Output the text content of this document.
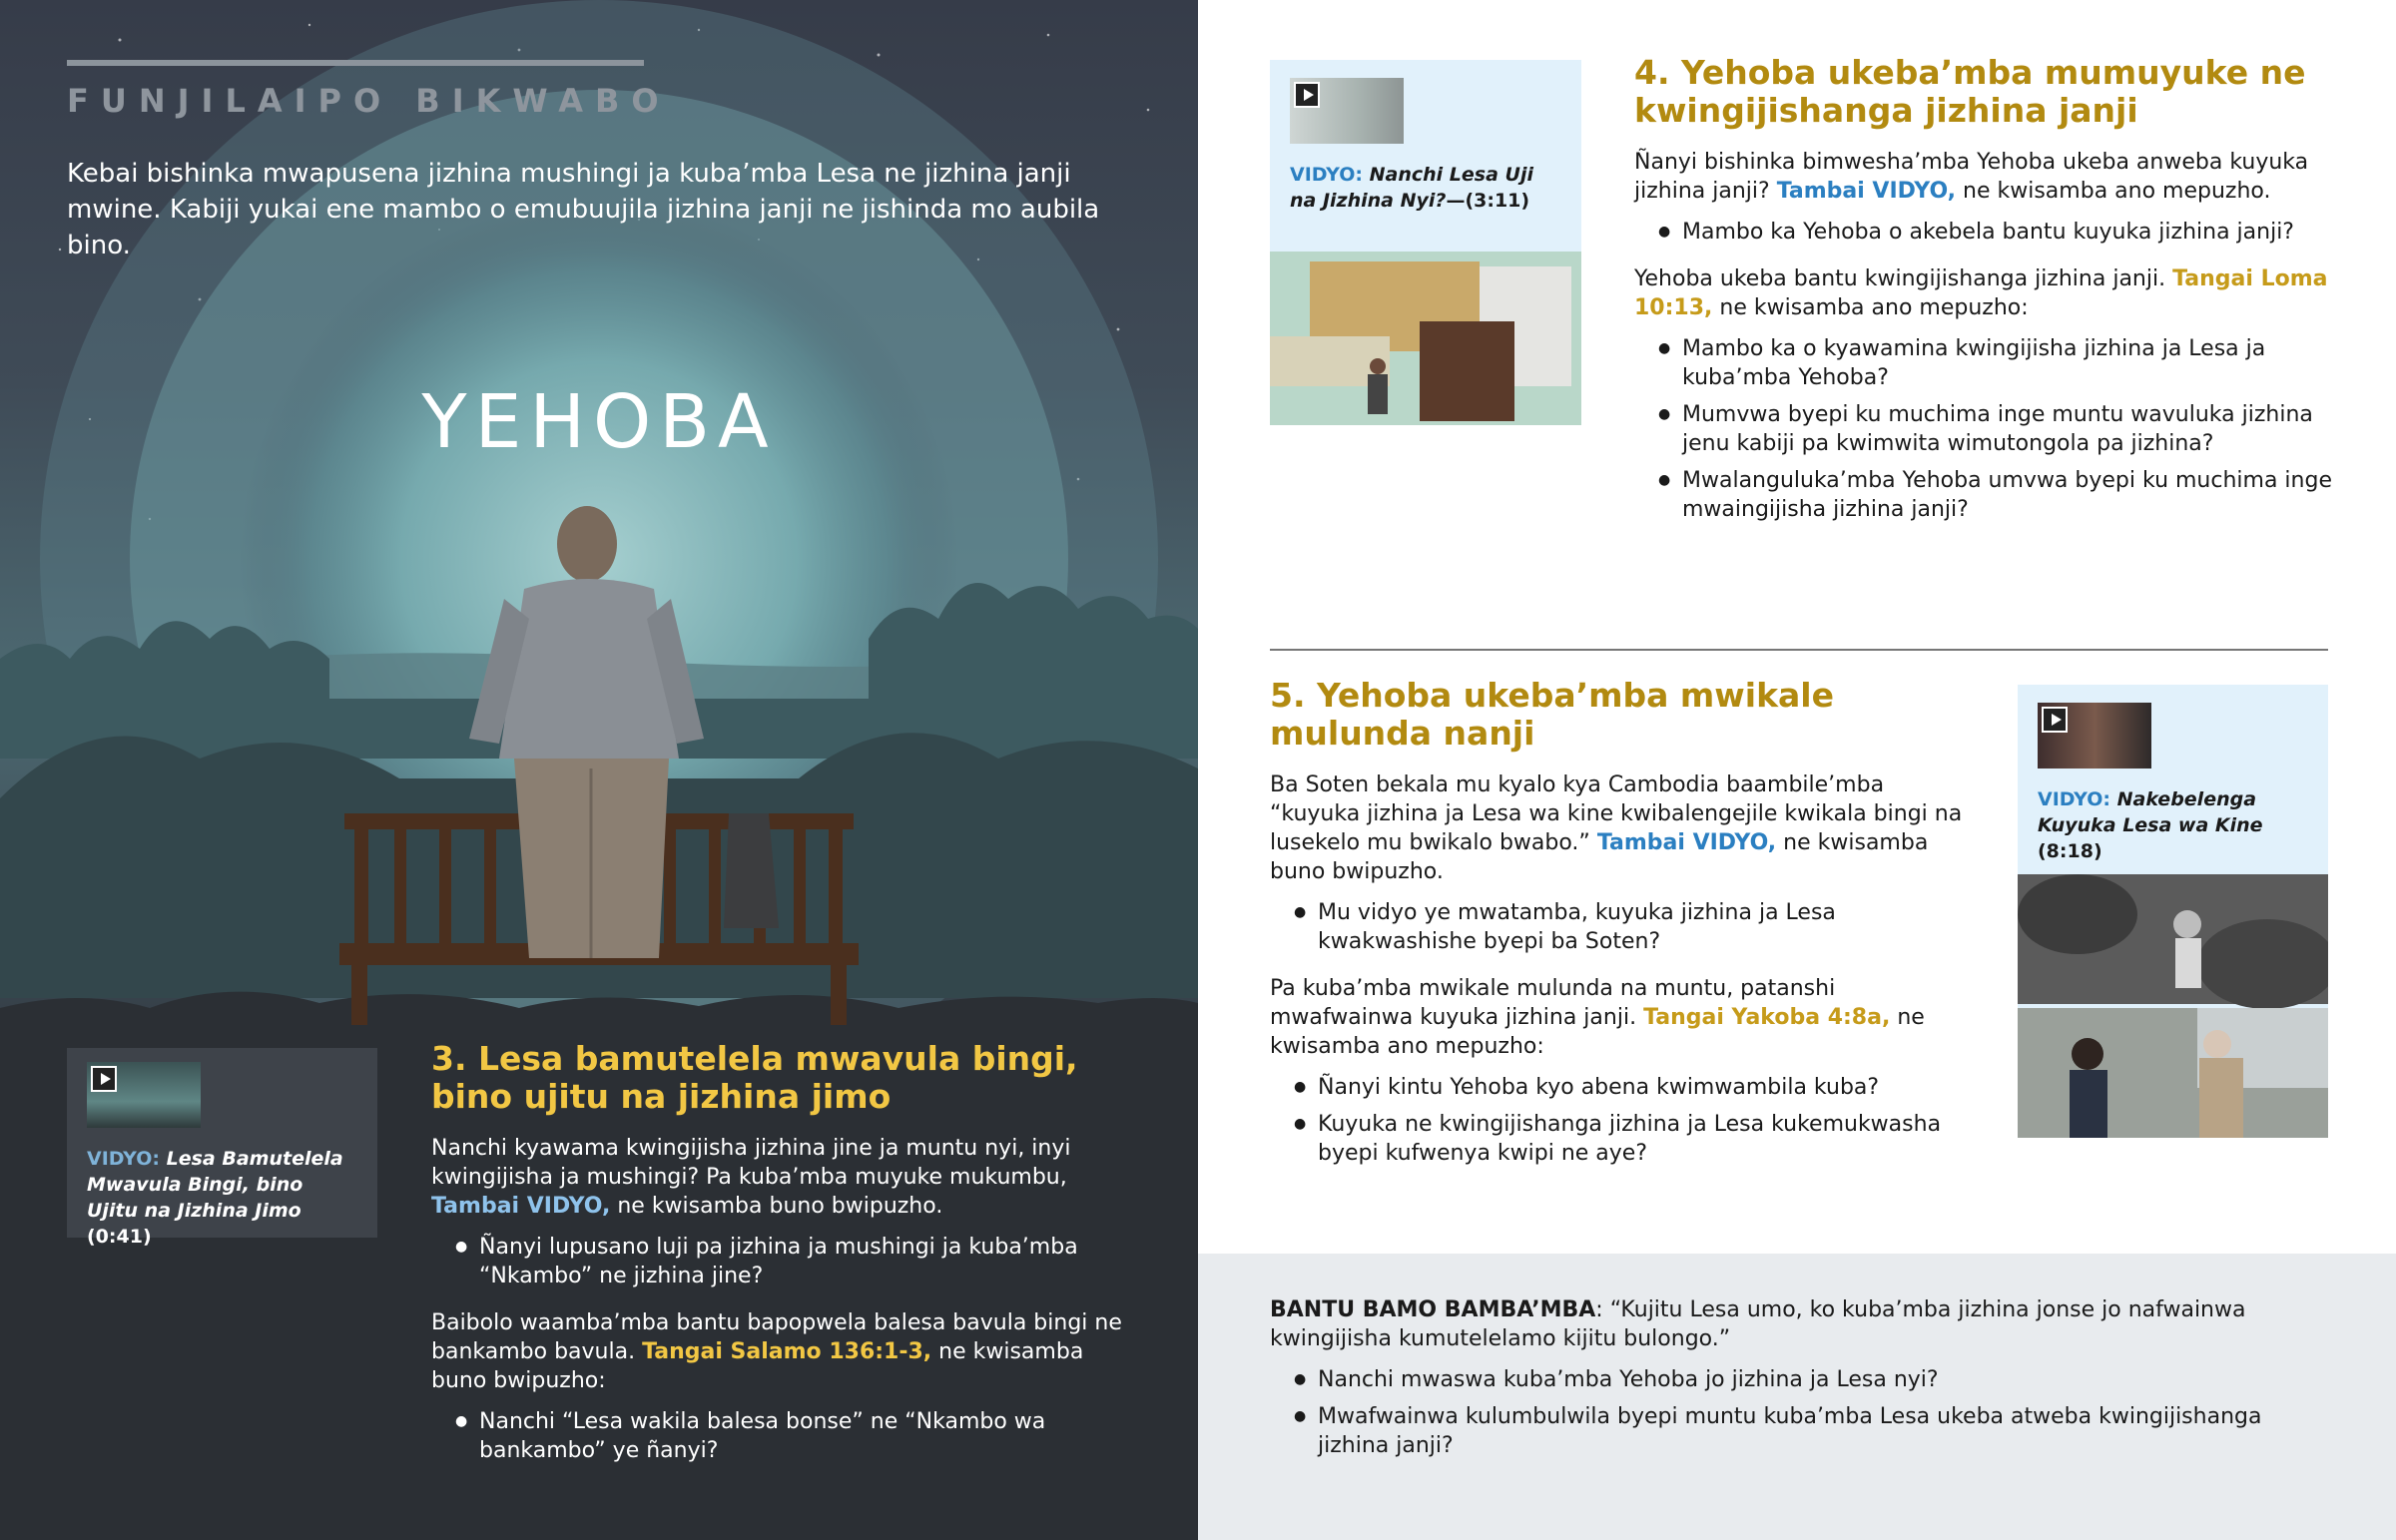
FUNJILAIPO BIKWABO
Kebai bishinka mwapusena jizhina mushingi ja kuba’mba Lesa ne jizhina janji mwine. Kabiji yukai ene mambo o emubuujila jizhina janji ne jishinda mo aubila bino.
YEHOBA
VIDYO: Lesa Bamutelela Mwavula Bingi, bino Ujitu na Jizhina Jimo (0:41)
3. Lesa bamutelela mwavula bingi, bino ujitu na jizhina jimo
Nanchi kyawama kwingijisha jizhina jine ja muntu nyi, inyi kwingijisha ja mushingi? Pa kuba’mba muyuke mukumbu, Tambai VIDYO, ne kwisamba buno bwipuzho.
● Ñanyi lupusano luji pa jizhina ja mushingi ja kuba’mba “Nkambo” ne jizhina jine?
Baibolo waamba’mba bantu bapopwela balesa bavula bingi ne bankambo bavula. Tangai Salamo 136:1-3, ne kwisamba buno bwipuzho:
● Nanchi “Lesa wakila balesa bonse” ne “Nkambo wa bankambo” ye ñanyi?
VIDYO: Nanchi Lesa Uji na Jizhina Nyi?—(3:11)
4. Yehoba ukeba’mba mumuyuke ne kwingijishanga jizhina janji
Ñanyi bishinka bimwesha’mba Yehoba ukeba anweba kuyuka jizhina janji? Tambai VIDYO, ne kwisamba ano mepuzho.
● Mambo ka Yehoba o akebela bantu kuyuka jizhina janji?
Yehoba ukeba bantu kwingijishanga jizhina janji. Tangai Loma 10:13, ne kwisamba ano mepuzho:
● Mambo ka o kyawamina kwingijisha jizhina ja Lesa ja kuba’mba Yehoba?
● Mumvwa byepi ku muchima inge muntu wavuluka jizhina jenu kabiji pa kwimwita wimutongola pa jizhina?
● Mwalanguluka’mba Yehoba umvwa byepi ku muchima inge mwaingijisha jizhina janji?
5. Yehoba ukeba’mba mwikale mulunda nanji
Ba Soten bekala mu kyalo kya Cambodia baambile’mba “kuyuka jizhina ja Lesa wa kine kwibalengejile kwikala bingi na lusekelo mu bwikalo bwabo.” Tambai VIDYO, ne kwisamba buno bwipuzho.
● Mu vidyo ye mwatamba, kuyuka jizhina ja Lesa kwakwashishe byepi ba Soten?
Pa kuba’mba mwikale mulunda na muntu, patanshi mwafwainwa kuyuka jizhina janji. Tangai Yakoba 4:8a, ne kwisamba ano mepuzho:
● Ñanyi kintu Yehoba kyo abena kwimwambila kuba?
● Kuyuka ne kwingijishanga jizhina ja Lesa kukemukwasha byepi kufwenya kwipi ne aye?
VIDYO: Nakebelenga Kuyuka Lesa wa Kine (8:18)
BANTU BAMO BAMBA’MBA: “Kujitu Lesa umo, ko kuba’mba jizhina jonse jo nafwainwa kwingijisha kumutelelamo kijitu bulongo.”
● Nanchi mwaswa kuba’mba Yehoba jo jizhina ja Lesa nyi?
● Mwafwainwa kulumbulwila byepi muntu kuba’mba Lesa ukeba atweba kwingijishanga jizhina janji?
